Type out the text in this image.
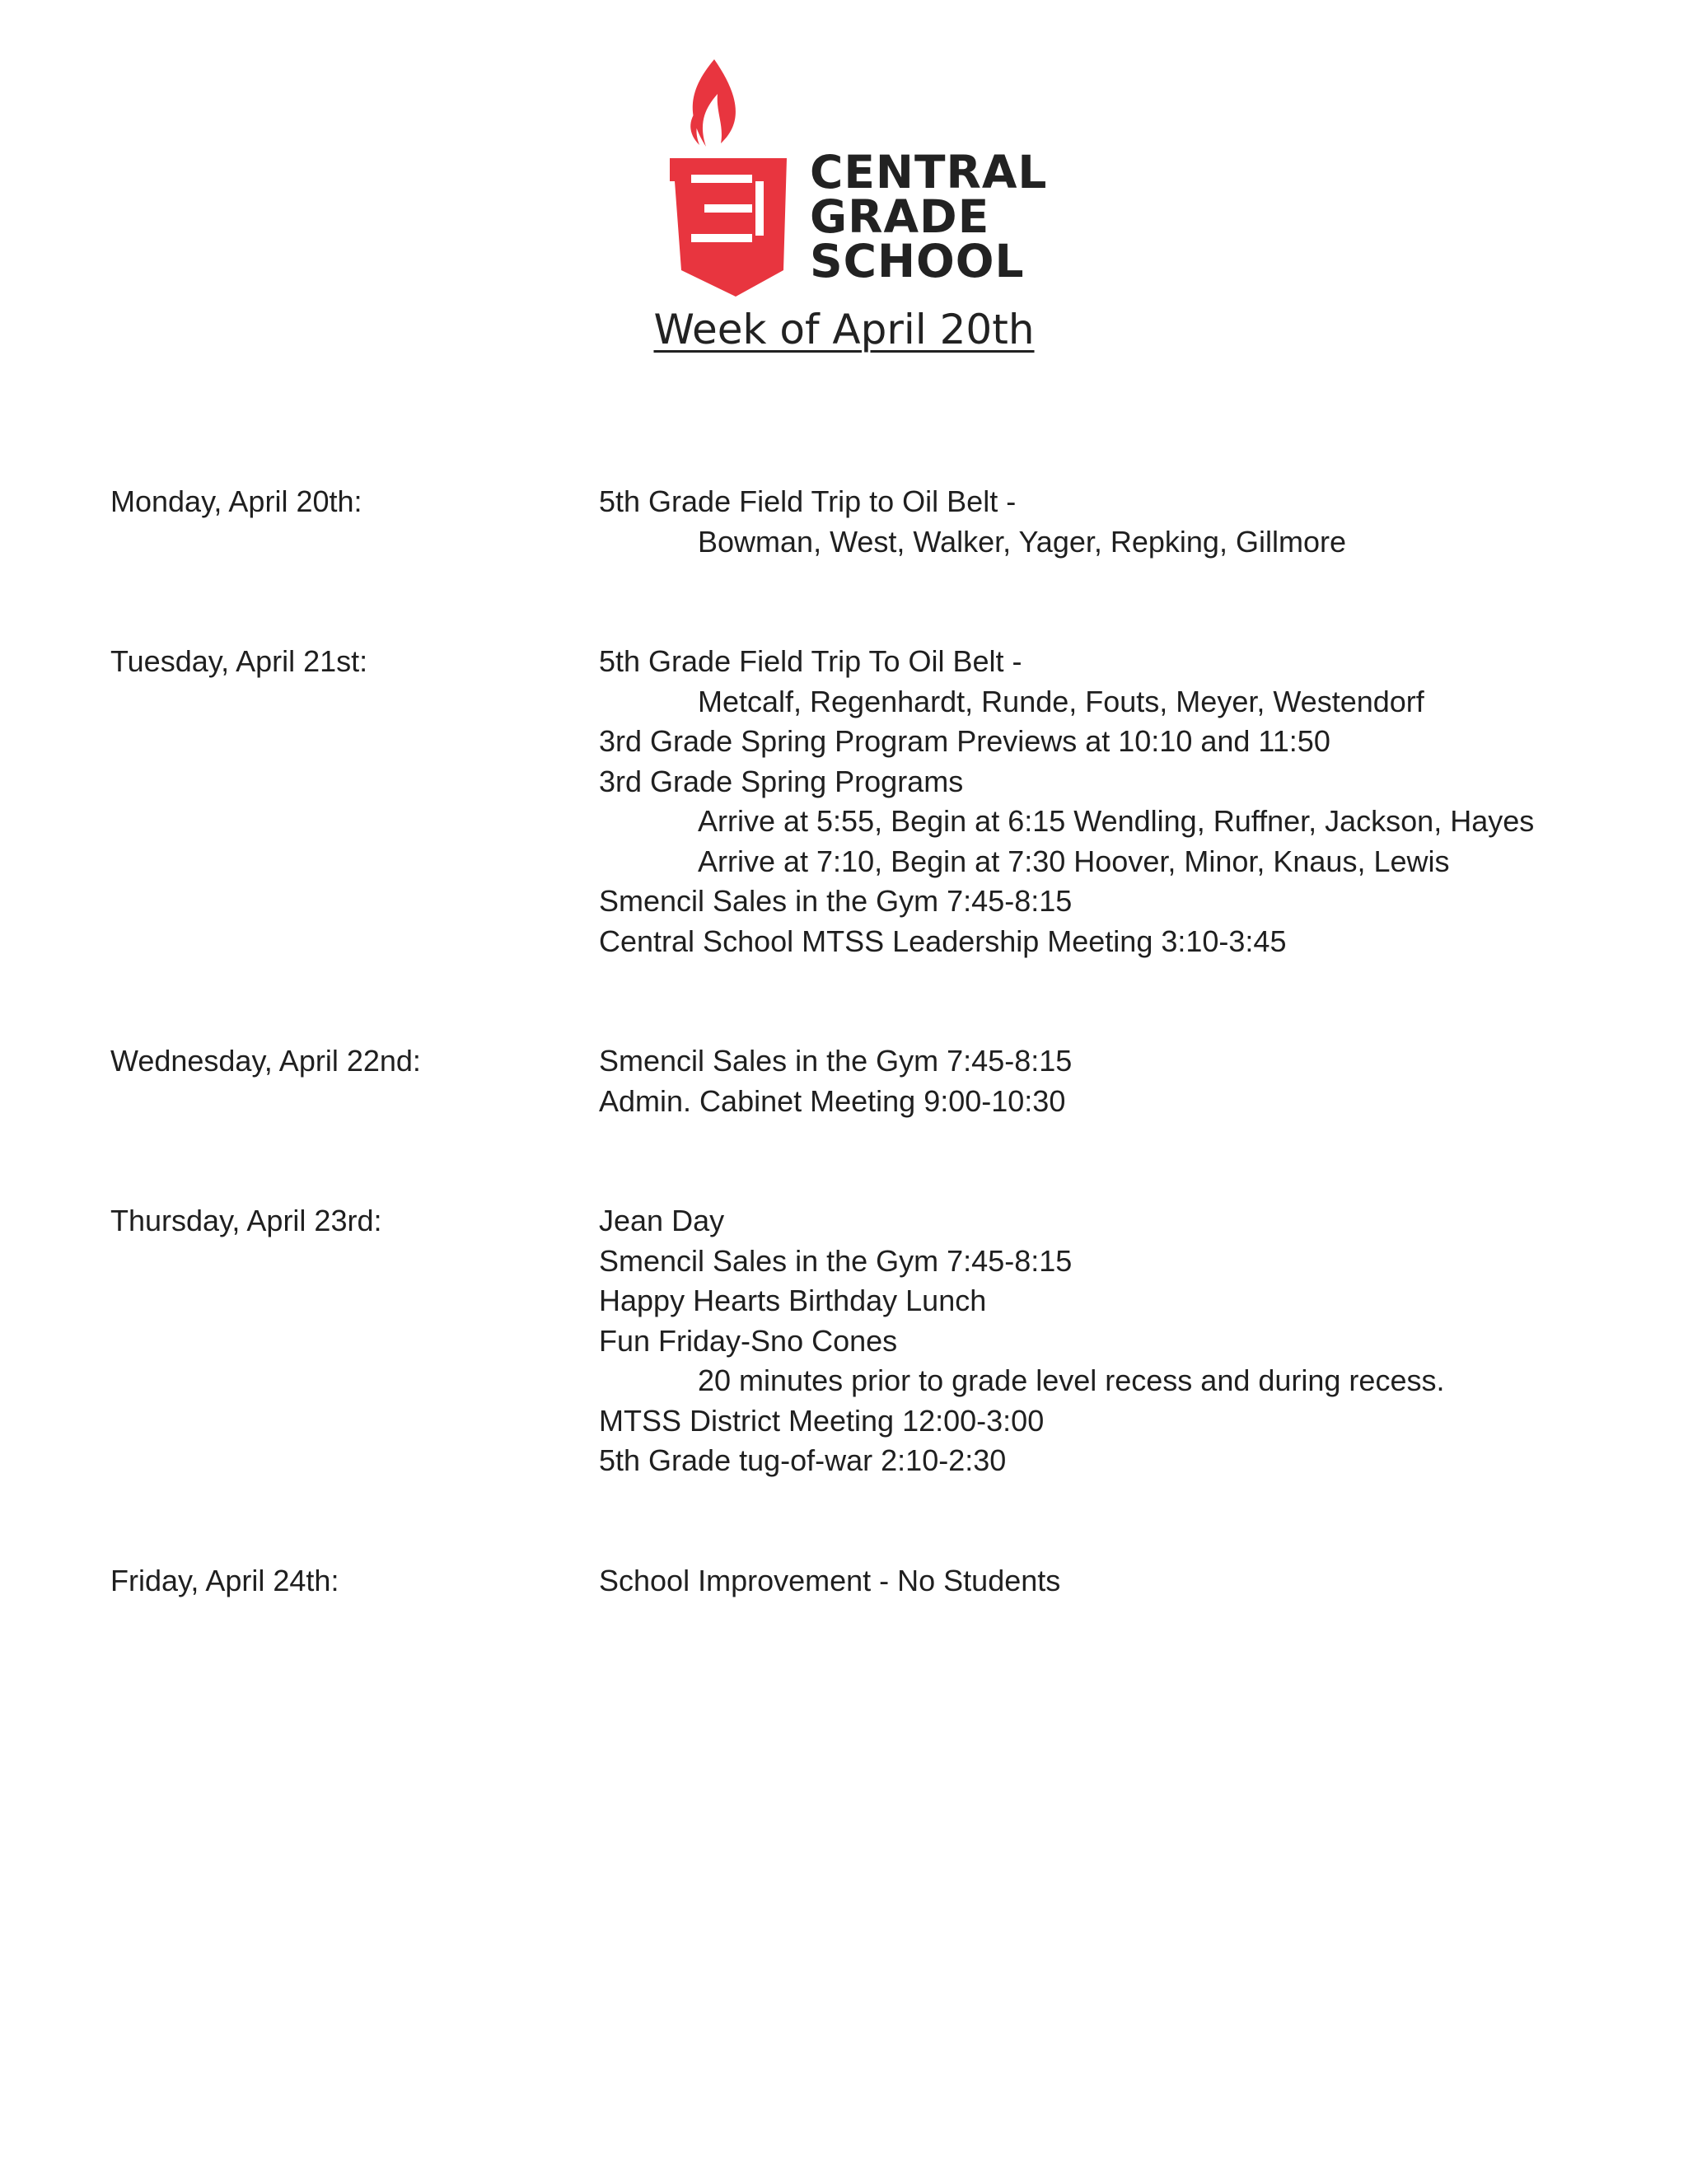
CENTRAL
GRADE
SCHOOL
Week of April 20th
Monday, April 20th:	5th Grade Field Trip to Oil Belt -
Bowman, West, Walker, Yager, Repking, Gillmore
Tuesday, April 21st:	5th Grade Field Trip To Oil Belt -
Metcalf, Regenhardt, Runde, Fouts, Meyer, Westendorf
3rd Grade Spring Program Previews at 10:10 and 11:50
3rd Grade Spring Programs
Arrive at 5:55, Begin at 6:15 Wendling, Ruffner, Jackson, Hayes
Arrive at 7:10, Begin at 7:30 Hoover, Minor, Knaus, Lewis
Smencil Sales in the Gym 7:45-8:15
Central School MTSS Leadership Meeting 3:10-3:45
Wednesday, April 22nd:	Smencil Sales in the Gym 7:45-8:15
Admin. Cabinet Meeting 9:00-10:30
Thursday, April 23rd:	Jean Day
Smencil Sales in the Gym 7:45-8:15
Happy Hearts Birthday Lunch
Fun Friday-Sno Cones
20 minutes prior to grade level recess and during recess.
MTSS District Meeting 12:00-3:00
5th Grade tug-of-war 2:10-2:30
Friday, April 24th:	School Improvement - No Students
